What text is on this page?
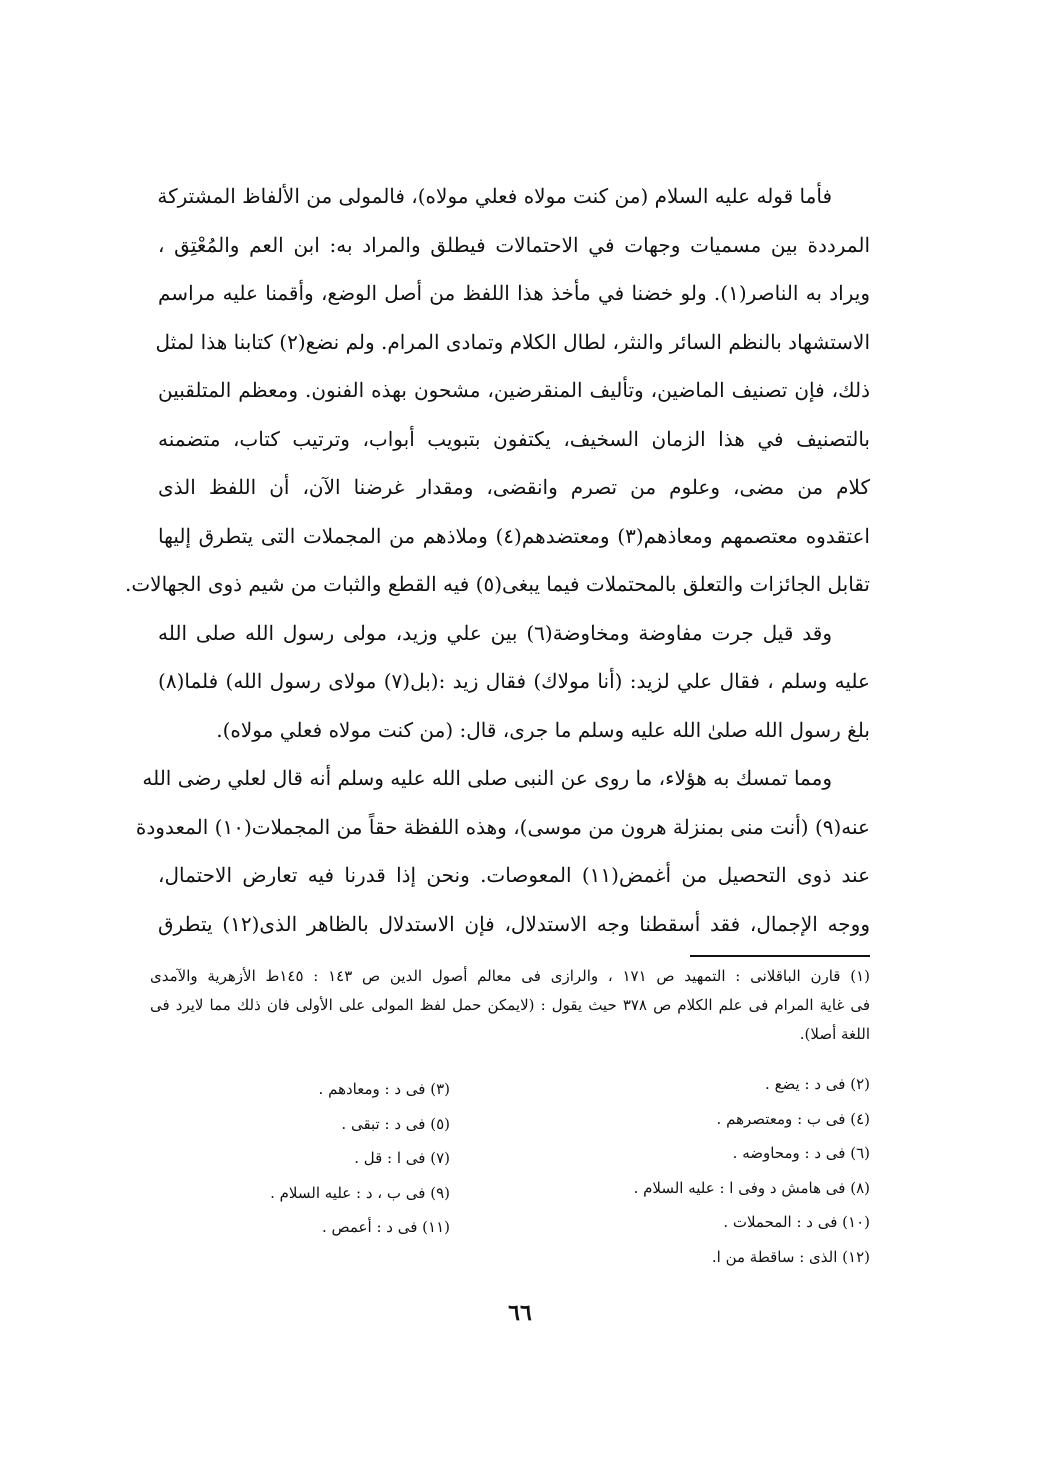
فأما قوله عليه السلام (من كنت مولاه فعلي مولاه)، فالمولى من الألفاظ المشتركة
المرددة بين مسميات وجهات في الاحتمالات فيطلق والمراد به: ابن العم والمُعْتِق ،
ويراد به الناصر(١). ولو خضنا في مأخذ هذا اللفظ من أصل الوضع، وأقمنا عليه مراسم
الاستشهاد بالنظم السائر والنثر، لطال الكلام وتمادى المرام. ولم نضع(٢) كتابنا هذا لمثل
ذلك، فإن تصنيف الماضين، وتأليف المنقرضين، مشحون بهذه الفنون. ومعظم المتلقبين
بالتصنيف في هذا الزمان السخيف، يكتفون بتبويب أبواب، وترتيب كتاب، متضمنه
كلام من مضى، وعلوم من تصرم وانقضى، ومقدار غرضنا الآن، أن اللفظ الذى
اعتقدوه معتصمهم ومعاذهم(٣) ومعتضدهم(٤) وملاذهم من المجملات التى يتطرق إليها
تقابل الجائزات والتعلق بالمحتملات فيما يبغى(٥) فيه القطع والثبات من شيم ذوى الجهالات.
وقد قيل جرت مفاوضة ومخاوضة(٦) بين علي وزيد، مولى رسول الله صلى الله
عليه وسلم ، فقال علي لزيد: (أنا مولاك) فقال زيد :(بل(٧) مولاى رسول الله) فلما(٨)
بلغ رسول الله صلىٰ الله عليه وسلم ما جرى، قال: (من كنت مولاه فعلي مولاه).
ومما تمسك به هؤلاء، ما روى عن النبى صلى الله عليه وسلم أنه قال لعلي رضى الله
عنه(٩) (أنت منى بمنزلة هرون من موسى)، وهذه اللفظة حقاً من المجملات(١٠) المعدودة
عند ذوى التحصيل من أغمض(١١) المعوصات. ونحن إذا قدرنا فيه تعارض الاحتمال،
ووجه الإجمال، فقد أسقطنا وجه الاستدلال، فإن الاستدلال بالظاهر الذى(١٢) يتطرق
(١) قارن الباقلانى : التمهيد ص ١٧١ ، والرازى فى معالم أصول الدين ص ١٤٣ : ١٤٥ط الأزهرية والآمدى
فى غاية المرام فى علم الكلام ص ٣٧٨ حيث يقول : (لايمكن حمل لفظ المولى على الأولى فان ذلك مما لايرد فى
اللغة أصلا).
(٢) فى د : يضع .
(٤) فى ب : ومعتصرهم .
(٦) فى د : ومحاوضه .
(٨) فى هامش د وفى ا : عليه السلام .
(١٠) فى د : المحملات .
(١٢) الذى : ساقطة من ا.
(٣) فى د : ومعادهم .
(٥) فى د : تبقى .
(٧) فى ا : قل .
(٩) فى ب ، د : عليه السلام .
(١١) فى د : أعمص .
٦٦
